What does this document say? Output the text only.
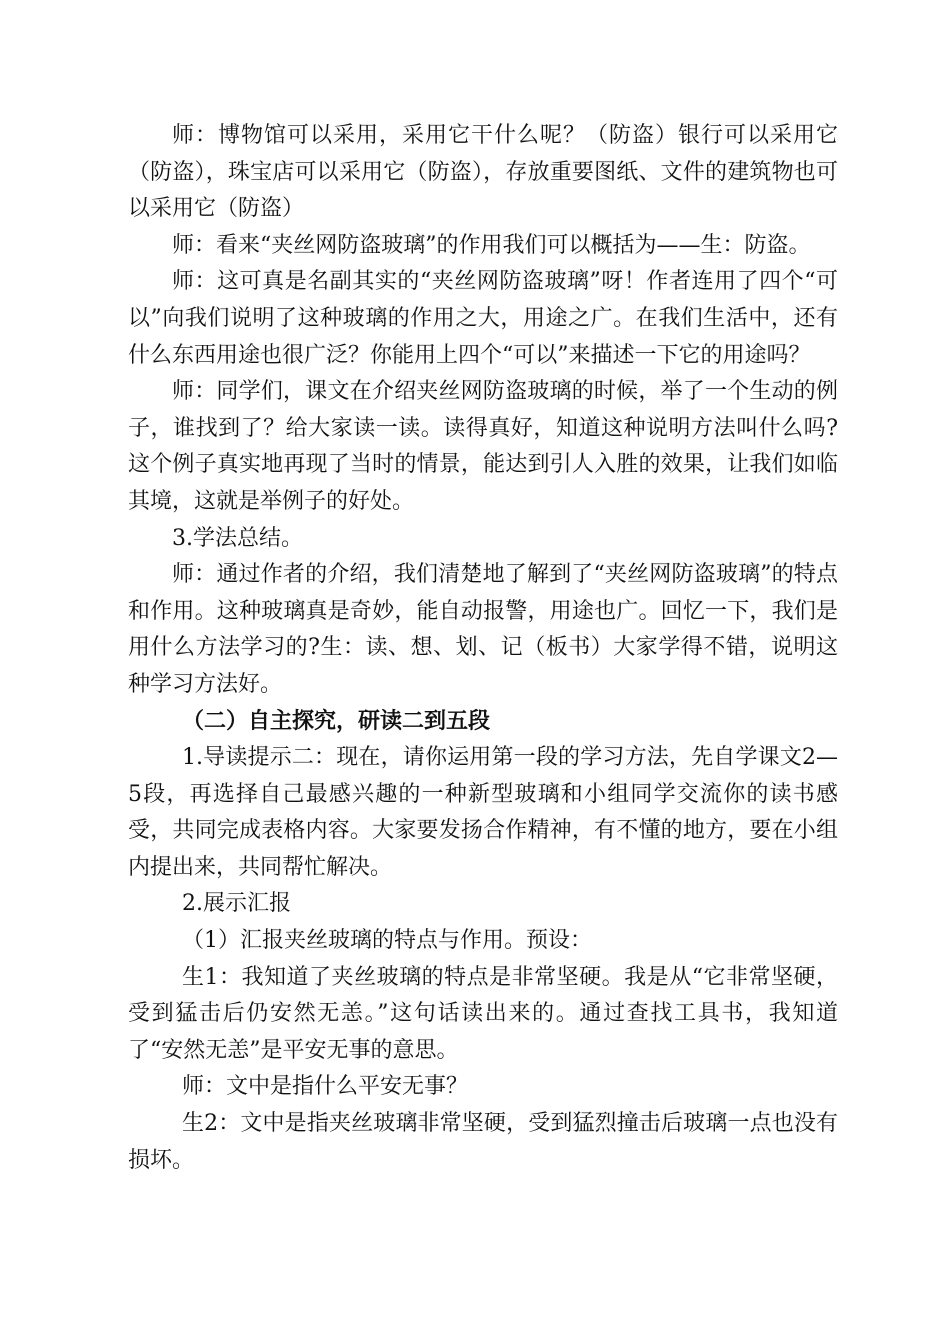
师：博物馆可以采用，采用它干什么呢？（防盗）银行可以采用它（防盗），珠宝店可以采用它（防盗），存放重要图纸、文件的建筑物也可以采用它（防盗）

师：看来“夹丝网防盗玻璃”的作用我们可以概括为——生：防盗。

师：这可真是名副其实的“夹丝网防盗玻璃”呀！作者连用了四个“可以”向我们说明了这种玻璃的作用之大，用途之广。在我们生活中，还有什么东西用途也很广泛？你能用上四个“可以”来描述一下它的用途吗？

师：同学们，课文在介绍夹丝网防盗玻璃的时候，举了一个生动的例子，谁找到了？给大家读一读。读得真好，知道这种说明方法叫什么吗?这个例子真实地再现了当时的情景，能达到引人入胜的效果，让我们如临其境，这就是举例子的好处。

3.学法总结。

师：通过作者的介绍，我们清楚地了解到了“夹丝网防盗玻璃”的特点和作用。这种玻璃真是奇妙，能自动报警，用途也广。回忆一下，我们是用什么方法学习的?生：读、想、划、记（板书）大家学得不错，说明这种学习方法好。

（二）自主探究，研读二到五段

1.导读提示二：现在，请你运用第一段的学习方法，先自学课文2—5段，再选择自己最感兴趣的一种新型玻璃和小组同学交流你的读书感受，共同完成表格内容。大家要发扬合作精神，有不懂的地方，要在小组内提出来，共同帮忙解决。

2.展示汇报

（1）汇报夹丝玻璃的特点与作用。预设：

生1：我知道了夹丝玻璃的特点是非常坚硬。我是从“它非常坚硬，受到猛击后仍安然无恙。”这句话读出来的。通过查找工具书，我知道了“安然无恙”是平安无事的意思。

师：文中是指什么平安无事？

生2：文中是指夹丝玻璃非常坚硬，受到猛烈撞击后玻璃一点也没有损坏。
